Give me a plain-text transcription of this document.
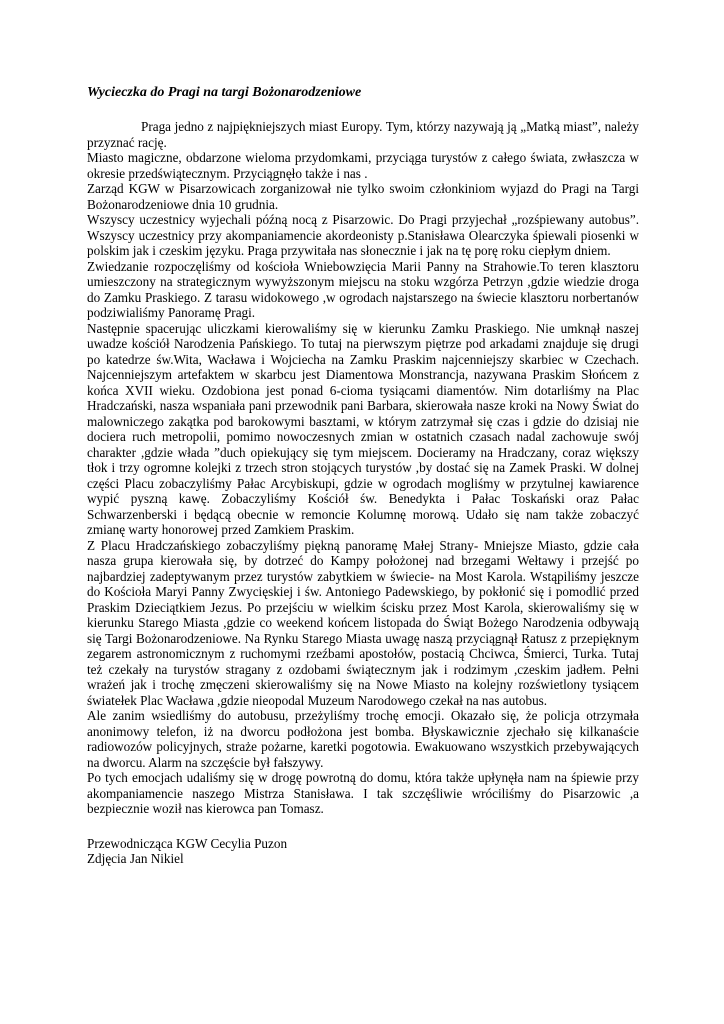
Wycieczka do Pragi na targi Bożonarodzeniowe

Praga jedno z najpiękniejszych miast Europy. Tym, którzy nazywają ją „Matką miast”, należy przyznać rację.

Miasto magiczne, obdarzone wieloma przydomkami, przyciąga turystów z całego świata, zwłaszcza w okresie przedświątecznym. Przyciągnęło także i nas .

Zarząd KGW w Pisarzowicach zorganizował nie tylko swoim członkiniom wyjazd do Pragi na Targi Bożonarodzeniowe dnia 10 grudnia.

Wszyscy uczestnicy wyjechali późną nocą z Pisarzowic. Do Pragi przyjechał „rozśpiewany autobus”. Wszyscy uczestnicy przy akompaniamencie akordeonisty p.Stanisława Olearczyka śpiewali piosenki w polskim jak i czeskim języku. Praga przywitała nas słonecznie i jak na tę porę roku ciepłym dniem.

Zwiedzanie rozpoczęliśmy od kościoła Wniebowzięcia Marii Panny na Strahowie.To teren klasztoru umieszczony na strategicznym wywyższonym miejscu na stoku wzgórza Petrzyn ,gdzie wiedzie droga do Zamku Praskiego. Z tarasu widokowego ,w ogrodach najstarszego na świecie klasztoru norbertanów podziwialiśmy Panoramę Pragi.

Następnie spacerując uliczkami kierowaliśmy się w kierunku Zamku Praskiego. Nie umknął naszej uwadze kościół Narodzenia Pańskiego. To tutaj na pierwszym piętrze pod arkadami znajduje się drugi po katedrze św.Wita, Wacława i Wojciecha na Zamku Praskim najcenniejszy skarbiec w Czechach. Najcenniejszym artefaktem w skarbcu jest Diamentowa Monstrancja, nazywana Praskim Słońcem z końca XVII wieku. Ozdobiona jest ponad 6-cioma tysiącami diamentów. Nim dotarliśmy na Plac Hradczański, nasza wspaniała pani przewodnik pani Barbara, skierowała nasze kroki na Nowy Świat do malowniczego zakątka pod barokowymi basztami, w którym zatrzymał się czas i gdzie do dzisiaj nie dociera ruch metropolii, pomimo nowoczesnych zmian w ostatnich czasach nadal zachowuje swój charakter ,gdzie włada ”duch opiekujący się tym miejscem. Docieramy na Hradczany, coraz większy tłok i trzy ogromne kolejki z trzech stron stojących turystów ,by dostać się na Zamek Praski. W dolnej części Placu zobaczyliśmy Pałac Arcybiskupi, gdzie w ogrodach mogliśmy w przytulnej kawiarence wypić pyszną kawę. Zobaczyliśmy Kościół św. Benedykta i Pałac Toskański oraz Pałac Schwarzenberski i będącą obecnie w remoncie Kolumnę morową. Udało się nam także zobaczyć zmianę warty honorowej przed Zamkiem Praskim.

Z Placu Hradczańskiego zobaczyliśmy piękną panoramę Małej Strany- Mniejsze Miasto, gdzie cała nasza grupa kierowała się, by dotrzeć do Kampy położonej nad brzegami Wełtawy i przejść po najbardziej zadeptywanym przez turystów zabytkiem w świecie- na Most Karola. Wstąpiliśmy jeszcze do Kościoła Maryi Panny Zwycięskiej i św. Antoniego Padewskiego, by pokłonić się i pomodlić przed Praskim Dzieciątkiem Jezus. Po przejściu w wielkim ścisku przez Most Karola, skierowaliśmy się w kierunku Starego Miasta ,gdzie co weekend końcem listopada do Świąt Bożego Narodzenia odbywają się Targi Bożonarodzeniowe. Na Rynku Starego Miasta uwagę naszą przyciągnął Ratusz z przepięknym zegarem astronomicznym z ruchomymi rzeźbami apostołów, postacią Chciwca, Śmierci, Turka. Tutaj też czekały na turystów stragany z ozdobami świątecznym jak i rodzimym ,czeskim jadłem. Pełni wrażeń jak i trochę zmęczeni skierowaliśmy się na Nowe Miasto na kolejny rozświetlony tysiącem światełek Plac Wacława ,gdzie nieopodal Muzeum Narodowego czekał na nas autobus.

Ale zanim wsiedliśmy do autobusu, przeżyliśmy trochę emocji. Okazało się, że policja otrzymała anonimowy telefon, iż na dworcu podłożona jest bomba. Błyskawicznie zjechało się kilkanaście radiowozów policyjnych, straże pożarne, karetki pogotowia. Ewakuowano wszystkich przebywających na dworcu. Alarm na szczęście był fałszywy.

Po tych emocjach udaliśmy się w drogę powrotną do domu, która także upłynęła nam na śpiewie przy akompaniamencie naszego Mistrza Stanisława. I tak szczęśliwie wróciliśmy do Pisarzowic ,a bezpiecznie woził nas kierowca pan Tomasz.

Przewodnicząca KGW Cecylia Puzon

Zdjęcia Jan Nikiel
